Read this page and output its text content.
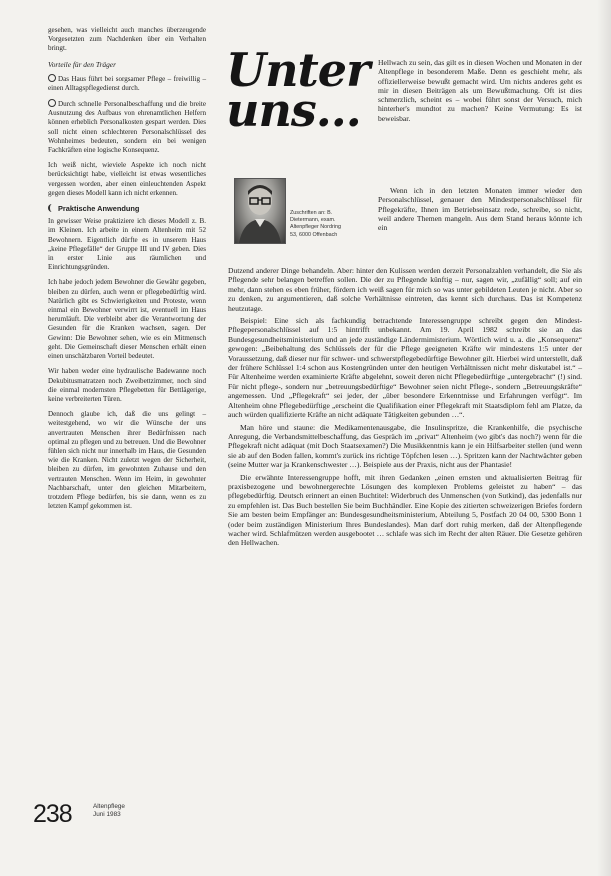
gesehen, was vielleicht auch manches überzeugende Vorgesetzten zum Nachdenken über ein Verhalten bringt.

Vorteile für den Träger

Das Haus führt bei sorgsamer Pflege – freiwillig – einen Alltagspflegedienst durch.

Durch schnelle Personalbeschaffung und die breite Ausnutzung des Aufbaus von ehrenamtlichen Helfern können erheblich Personalkosten gespart werden. Dies soll nicht einen schlechteren Personalschlüssel des Wohnheimes bedeuten, sondern ein bei wenigen Fachkräften eine logische Konsequenz.

Ich weiß nicht, wieviele Aspekte ich noch nicht berücksichtigt habe, vielleicht ist etwas wesentliches vergessen worden, aber einen einleuchtenden Aspekt gegen dieses Modell kann ich nicht erkennen.

Praktische Anwendung

In gewisser Weise praktiziere ich dieses Modell z. B. im Kleinen. Ich arbeite in einem Altenheim mit 52 Bewohnern. Eigentlich dürfte es in unserem Haus „keine Pflegefälle“ der Gruppe III und IV geben. Dies in erster Linie aus räumlichen und Einrichtungsgründen.

Ich habe jedoch jedem Bewohner die Gewähr gegeben, bleiben zu dürfen, auch wenn er pflegebedürftig wird. Natürlich gibt es Schwierigkeiten und Proteste, wenn einmal ein Bewohner verwirrt ist, eventuell im Haus herumläuft. Die verbleibt aber die Verantwortung der Gesunden für die Kranken wachsen, sagen. Der Gewinn: Die Bewohner sehen, wie es ein Mitmensch geht. Die Gemeinschaft dieser Menschen erhält einen einen unschätzbaren Vorteil bedeutet.

Wir haben weder eine hydraulische Badewanne noch Dekubitusmatratzen noch Zweibettzimmer, noch sind die einmal modernsten Pflegebetten für Bettlägerige, keine verbreiterten Türen.

Dennoch glaube ich, daß die uns gelingt – weitestgehend, wo wir die Wünsche der uns anvertrauten Menschen ihrer Bedürfnissen nach optimal zu pflegen und zu betreuen. Und die Bewohner fühlen sich nicht nur innerhalb im Haus, die Gesunden wie die Kranken. Nicht zuletzt wegen der Sicherheit, bleiben zu dürfen, im gewohnten Zuhause und den vertrauten Menschen. Wenn im Heim, in gewohnter Nachbarschaft, unter den gleichen Mitarbeitern, trotzdem Pflege bedürfen, bis sie dann, wenn es zu letzten Kampf gekommen ist.

Unter uns…

Hellwach zu sein, das gilt es in diesen Wochen und Monaten in der Altenpflege in besonderem Maße. Denn es geschieht mehr, als offiziellerweise bewußt gemacht wird. Um nichts anderes geht es mir in diesen Beiträgen als um Bewußtmachung. Oft ist dies schmerzlich, scheint es – wobei führt sonst der Versuch, mich hinterher's mundtot zu machen? Keine Vermutung: Es ist beweisbar.

Zuschriften an: B. Dietermann, exam. Altenpfleger Nordring 53, 6000 Offenbach

Wenn ich in den letzten Monaten immer wieder den Personalschlüssel, genauer den Mindestpersonalschlüssel für Pflegekräfte, Ihnen im Betriebseinsatz rede, schreibe, so nicht, weil andere Themen mangeln. Aus dem Stand heraus könnte ich ein

Dutzend anderer Dinge behandeln. Aber: hinter den Kulissen werden derzeit Personalzahlen verhandelt, die Sie als Pflegende sehr belangen betreffen sollen. Die der zu Pflegende künftig – nur, sagen wir, „zufällig“ soll; auf ein mehr, dann stehen es eben früher, fördern ich weiß sagen für mich so was unter gebildeten Leuten je nicht. Aber so zu denken, zu argumentieren, daß solche Verhältnisse eintreten, das kennt sich durchaus. Das ist Kompetenz heutzutage.

Beispiel: Eine sich als fachkundig betrachtende Interessengruppe schreibt gegen den Mindest-Pflegepersonalschlüssel auf 1:5 hintrifft unbekannt. Am 19. April 1982 schreibt sie an das Bundesgesundheitsministerium und an jede zuständige Ländermimisterium. Wörtlich wird u. a. die „Konsequenz“ gewogen: „Beibehaltung des Schlüssels der für die Pflege geeigneten Kräfte wir mindestens 1:5 unter der Voraussetzung, daß dieser nur für schwer- und schwerstpflegebedürftige Bewohner gilt. Hierbei wird unterstellt, daß der frühere Schlüssel 1:4 schon aus Kostengründen unter den heutigen Verhältnissen nicht mehr diskutabel ist.“ – Für Altenheime werden examinierte Kräfte abgelehnt, soweit deren nicht Pflegebedürftige „untergebracht“ (!) sind. Für nicht pflege-, sondern nur „betreuungsbedürftige“ Bewohner seien nicht Pflege-, sondern „Betreuungskräfte“ angemessen. Und „Pflegekraft“ sei jeder, der „über besondere Erkenntnisse und Erfahrungen verfügt“. Im Altenheim ohne Pflegebedürftige „erscheint die Qualifikation einer Pflegekraft mit Staatsdiplom fehl am Platze, da auch würden qualifizierte Kräfte an nicht adäquate Tätigkeiten gebunden …“.

Man höre und staune: die Medikamentenausgabe, die Insulinspritze, die Krankenhilfe, die psychische Anregung, die Verbandsmittelbeschaffung, das Gespräch im „privat“ Altenheim (wo gibt's das noch?) wenn für die Pflegekraft nicht adäquat (mit Doch Staatsexamen?) Die Musikkenntnis kann je ein Hilfsarbeiter stellen (und wenn sie ab auf den Boden fallen, kommt's zurück ins richtige Töpfchen lesen …). Spritzen kann der Nachtwächter geben (seine Mutter war ja Krankenschwester …). Beispiele aus der Praxis, nicht aus der Phantasie!

Die erwähnte Interessengruppe hofft, mit ihren Gedanken „einen ernsten und aktualisierten Beitrag für praxisbezogene und bewohnergerechte Lösungen des komplexen Problems geleistet zu haben“ – das pflegebedürftig. Deutsch erinnert an einen Buchtitel: Widerbruch des Unmenschen (von Sutkind), das jedenfalls nur zu empfehlen ist. Das Buch bestellen Sie beim Buchhändler. Eine Kopie des zitierten schweizerigen Briefes fordern Sie am besten beim Empfänger an: Bundesgesundheitsministerium, Abteilung 5, Postfach 20 04 00, 5300 Bonn 1 (oder beim zuständigen Ministerium Ihres Bundeslandes). Man darf dort ruhig merken, daß der Altenpflegende wacher wird. Schlafmützen werden ausgebootet … schlafe was sich im Recht der alten Räuer. Die Gesetze gehören den Hellwachen.

238	Altenpflege
Juni 1983
